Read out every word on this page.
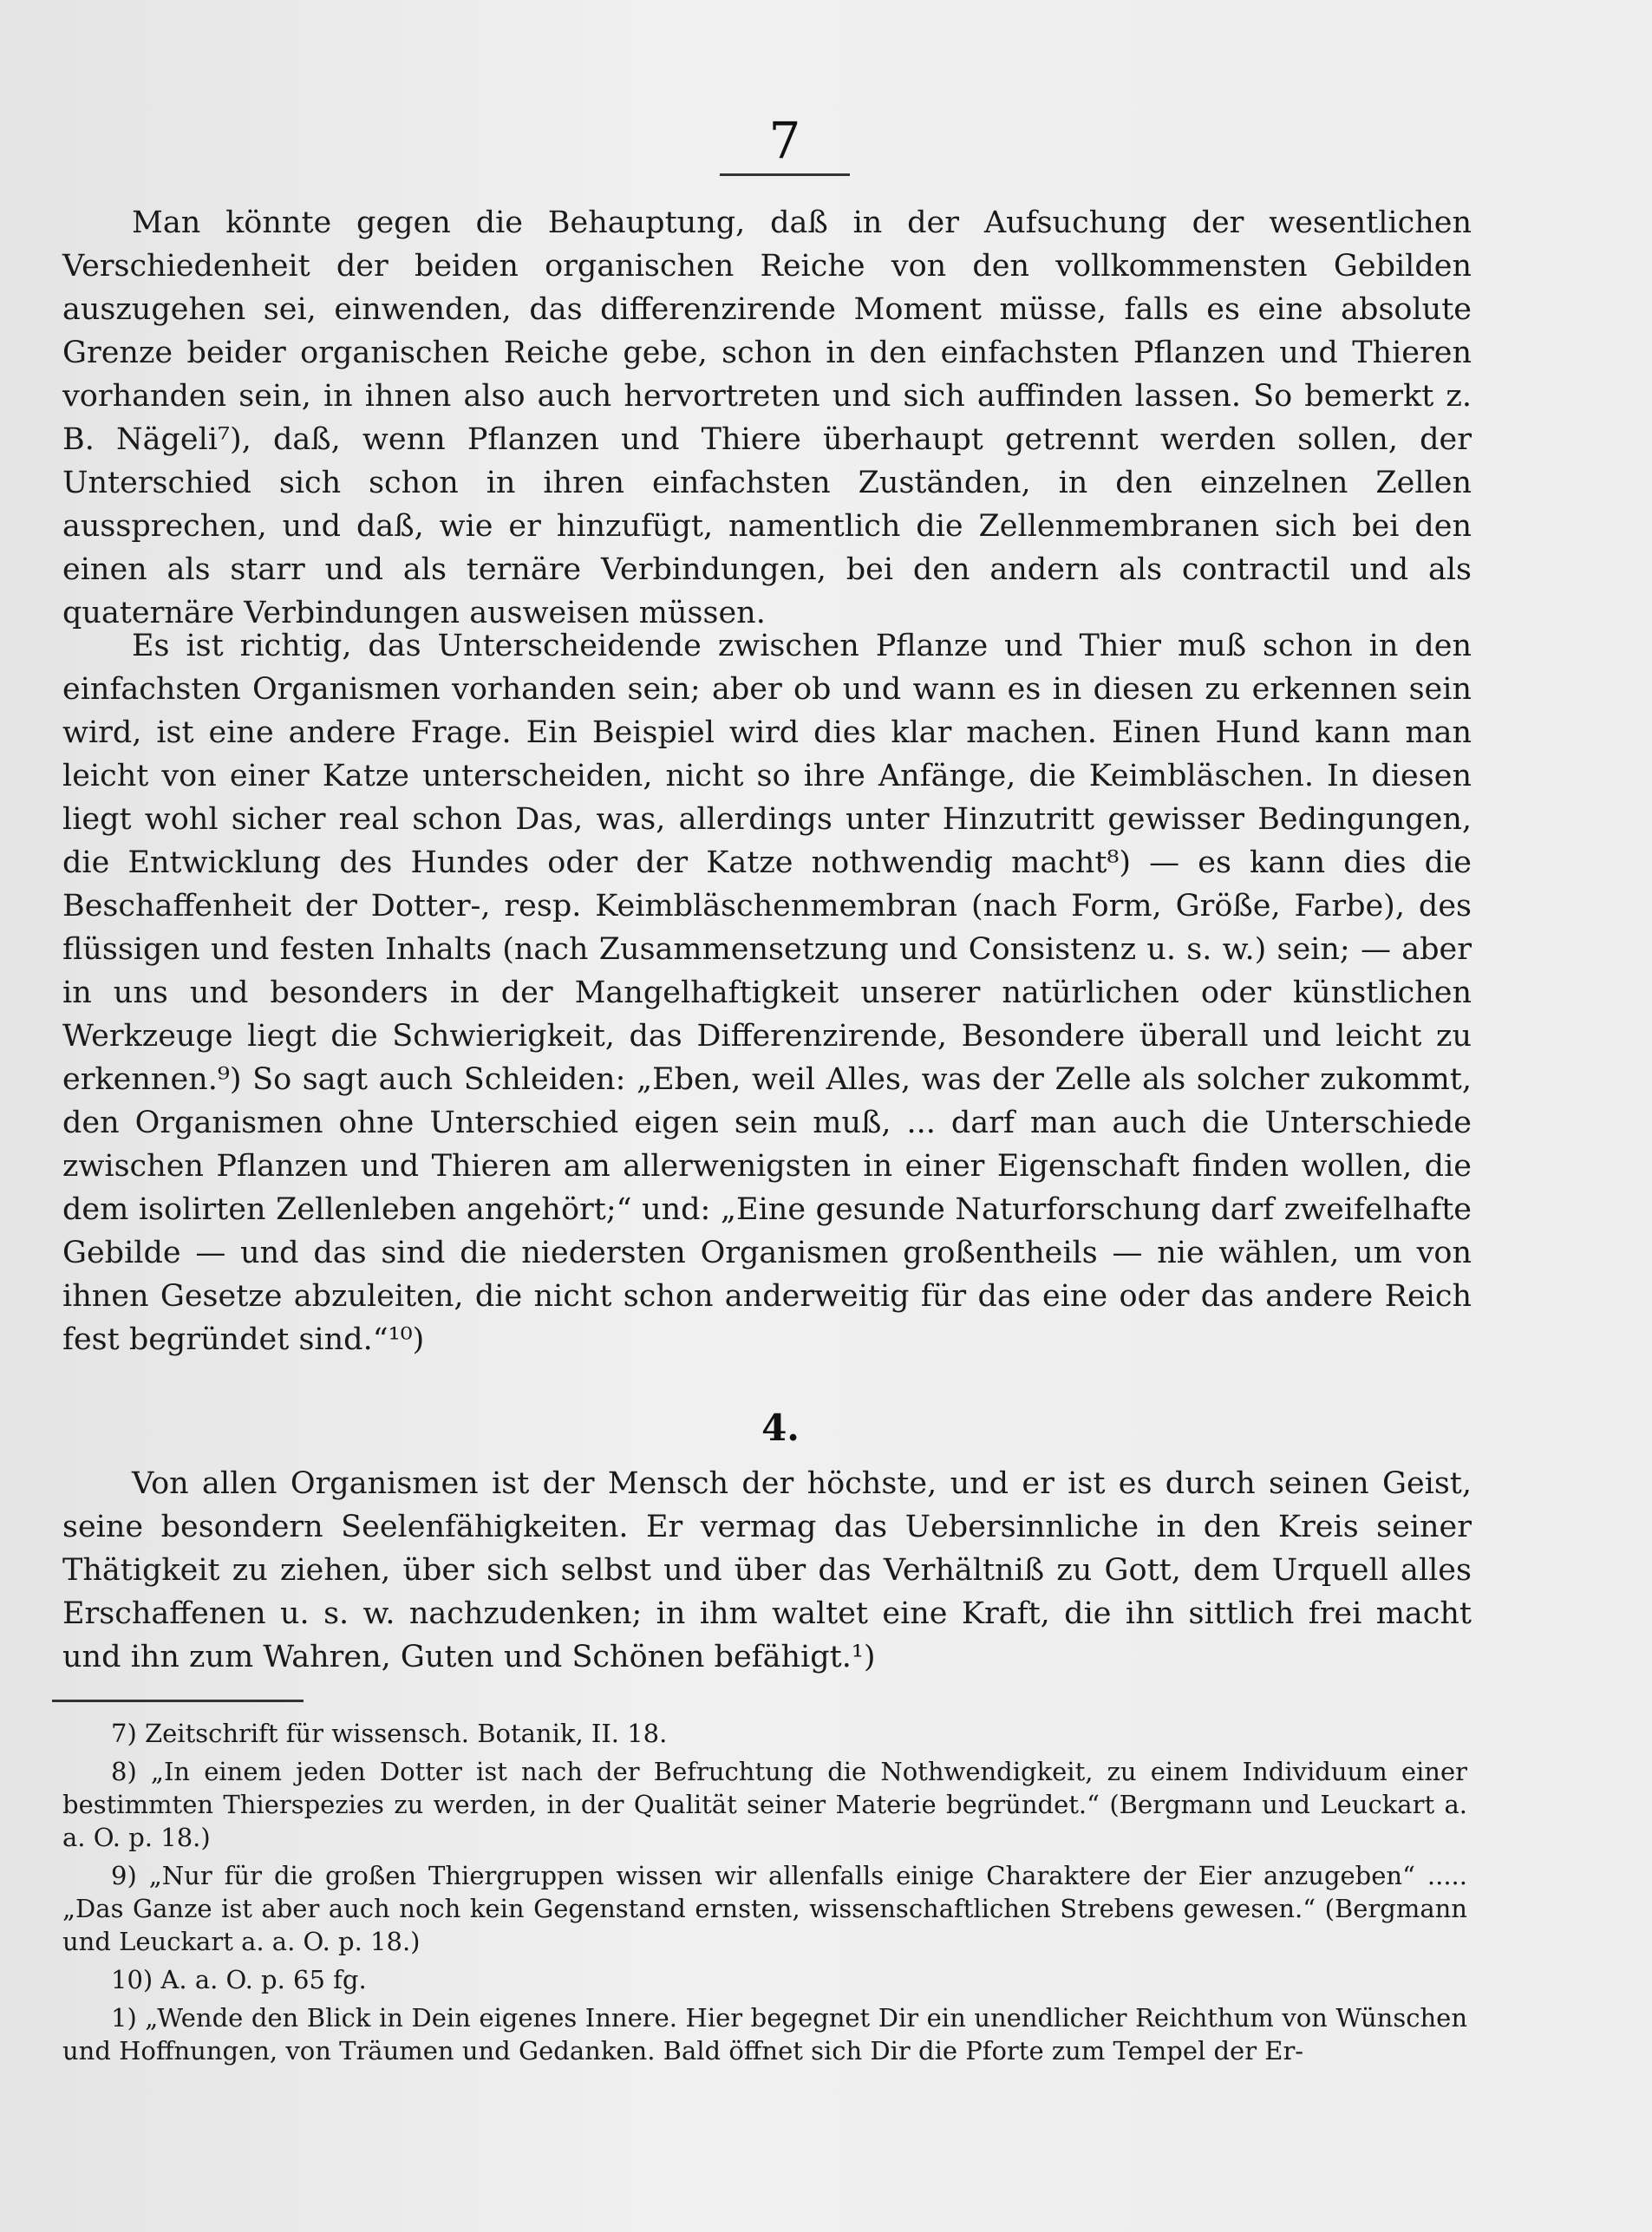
7

Man könnte gegen die Behauptung, daß in der Aufsuchung der wesentlichen Verschiedenheit der beiden organischen Reiche von den vollkommensten Gebilden auszugehen sei, einwenden, das differenzirende Moment müsse, falls es eine absolute Grenze beider organischen Reiche gebe, schon in den einfachsten Pflanzen und Thieren vorhanden sein, in ihnen also auch hervortreten und sich auffinden lassen. So bemerkt z. B. Nägeli⁷), daß, wenn Pflanzen und Thiere überhaupt getrennt werden sollen, der Unterschied sich schon in ihren einfachsten Zuständen, in den einzelnen Zellen aussprechen, und daß, wie er hinzufügt, namentlich die Zellenmembranen sich bei den einen als starr und als ternäre Verbindungen, bei den andern als contractil und als quaternäre Verbindungen ausweisen müssen.

Es ist richtig, das Unterscheidende zwischen Pflanze und Thier muß schon in den einfachsten Organismen vorhanden sein; aber ob und wann es in diesen zu erkennen sein wird, ist eine andere Frage. Ein Beispiel wird dies klar machen. Einen Hund kann man leicht von einer Katze unterscheiden, nicht so ihre Anfänge, die Keimbläschen. In diesen liegt wohl sicher real schon Das, was, allerdings unter Hinzutritt gewisser Bedingungen, die Entwicklung des Hundes oder der Katze nothwendig macht⁸) — es kann dies die Beschaffenheit der Dotter-, resp. Keimbläschenmembran (nach Form, Größe, Farbe), des flüssigen und festen Inhalts (nach Zusammensetzung und Consistenz u. s. w.) sein; — aber in uns und besonders in der Mangelhaftigkeit unserer natürlichen oder künstlichen Werkzeuge liegt die Schwierigkeit, das Differenzirende, Besondere überall und leicht zu erkennen.⁹) So sagt auch Schleiden: „Eben, weil Alles, was der Zelle als solcher zukommt, den Organismen ohne Unterschied eigen sein muß, ... darf man auch die Unterschiede zwischen Pflanzen und Thieren am allerwenigsten in einer Eigenschaft finden wollen, die dem isolirten Zellenleben angehört;“ und: „Eine gesunde Naturforschung darf zweifelhafte Gebilde — und das sind die niedersten Organismen großentheils — nie wählen, um von ihnen Gesetze abzuleiten, die nicht schon anderweitig für das eine oder das andere Reich fest begründet sind.“¹⁰)

4.

Von allen Organismen ist der Mensch der höchste, und er ist es durch seinen Geist, seine besondern Seelenfähigkeiten. Er vermag das Uebersinnliche in den Kreis seiner Thätigkeit zu ziehen, über sich selbst und über das Verhältniß zu Gott, dem Urquell alles Erschaffenen u. s. w. nachzudenken; in ihm waltet eine Kraft, die ihn sittlich frei macht und ihn zum Wahren, Guten und Schönen befähigt.¹)

7) Zeitschrift für wissensch. Botanik, II. 18.

8) „In einem jeden Dotter ist nach der Befruchtung die Nothwendigkeit, zu einem Individuum einer bestimmten Thierspezies zu werden, in der Qualität seiner Materie begründet.“ (Bergmann und Leuckart a. a. O. p. 18.)

9) „Nur für die großen Thiergruppen wissen wir allenfalls einige Charaktere der Eier anzugeben“ ..... „Das Ganze ist aber auch noch kein Gegenstand ernsten, wissenschaftlichen Strebens gewesen.“ (Bergmann und Leuckart a. a. O. p. 18.)

10) A. a. O. p. 65 fg.

1) „Wende den Blick in Dein eigenes Innere. Hier begegnet Dir ein unendlicher Reichthum von Wünschen und Hoffnungen, von Träumen und Gedanken. Bald öffnet sich Dir die Pforte zum Tempel der Er-
